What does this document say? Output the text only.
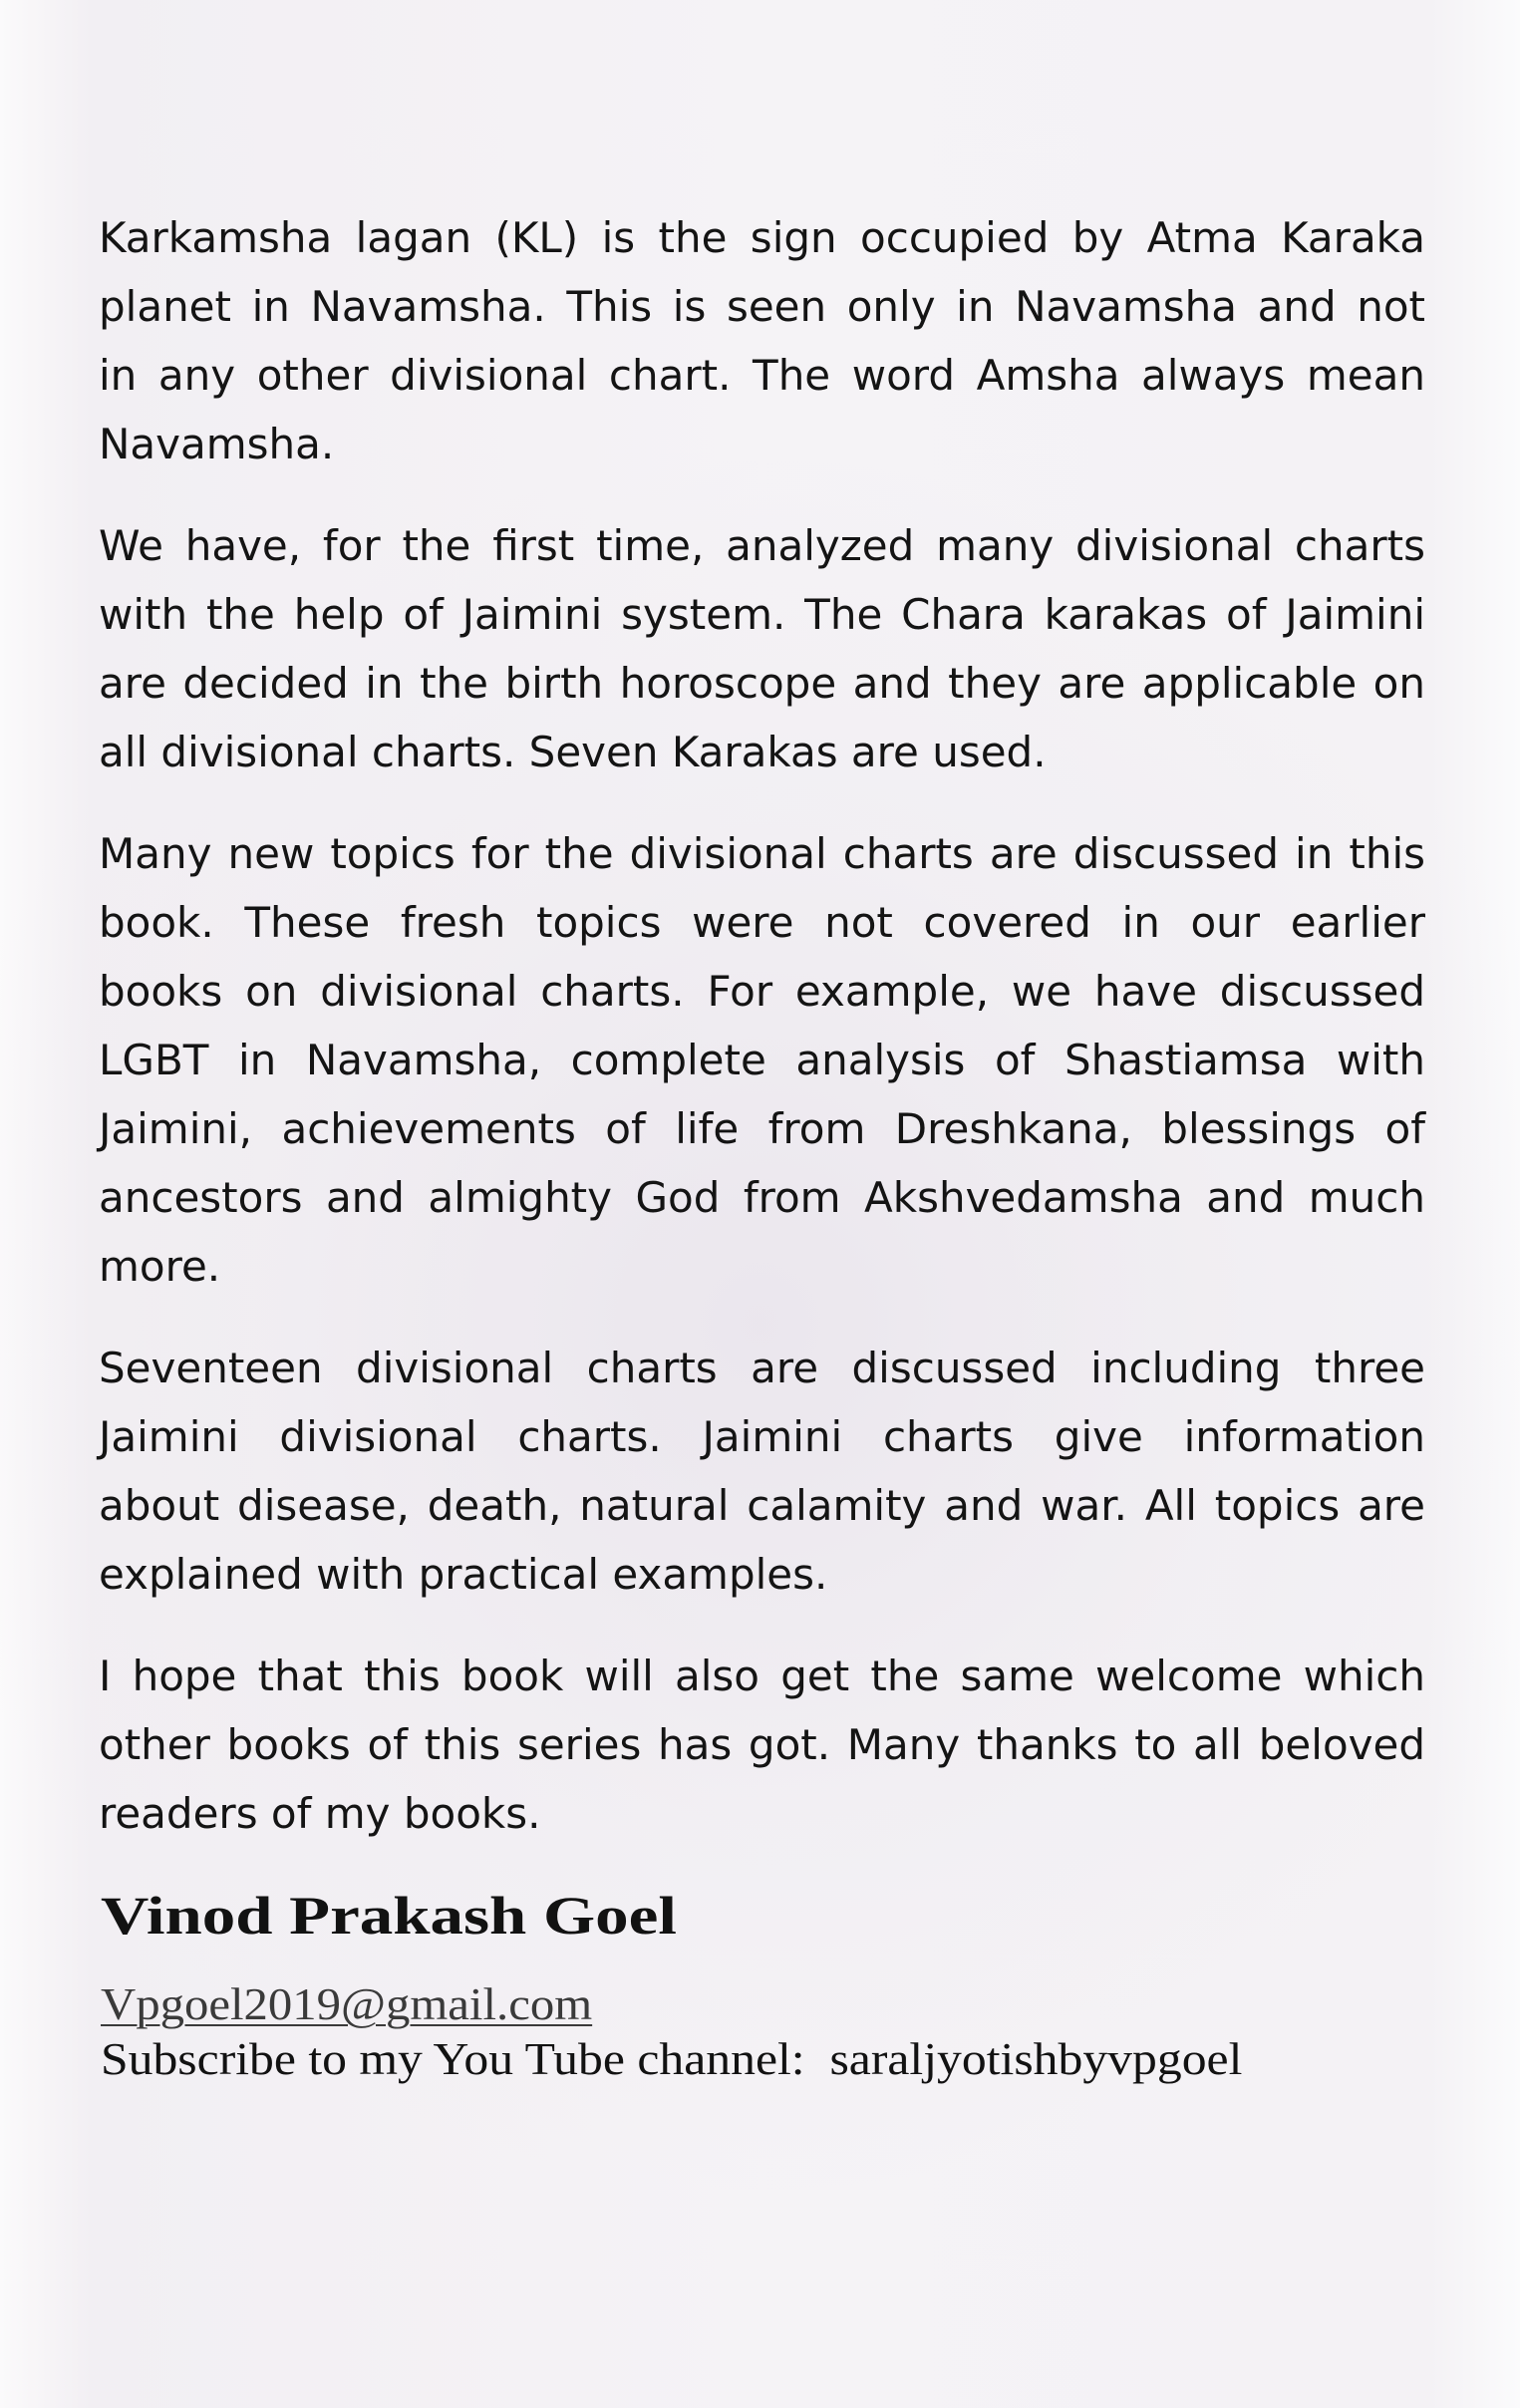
Karkamsha lagan (KL) is the sign occupied by Atma Karaka
planet in Navamsha. This is seen only in Navamsha and not
in any other divisional chart. The word Amsha always mean
Navamsha.

We have, for the first time, analyzed many divisional charts
with the help of Jaimini system. The Chara karakas of Jaimini
are decided in the birth horoscope and they are applicable on
all divisional charts. Seven Karakas are used.

Many new topics for the divisional charts are discussed in this
book. These fresh topics were not covered in our earlier
books on divisional charts. For example, we have discussed
LGBT in Navamsha, complete analysis of Shastiamsa with
Jaimini, achievements of life from Dreshkana, blessings of
ancestors and almighty God from Akshvedamsha and much
more.

Seventeen divisional charts are discussed including three
Jaimini divisional charts. Jaimini charts give information
about disease, death, natural calamity and war. All topics are
explained with practical examples.

I hope that this book will also get the same welcome which
other books of this series has got. Many thanks to all beloved
readers of my books.

Vinod Prakash Goel
Vpgoel2019@gmail.com
Subscribe to my You Tube channel: saraljyotishbyvpgoel
